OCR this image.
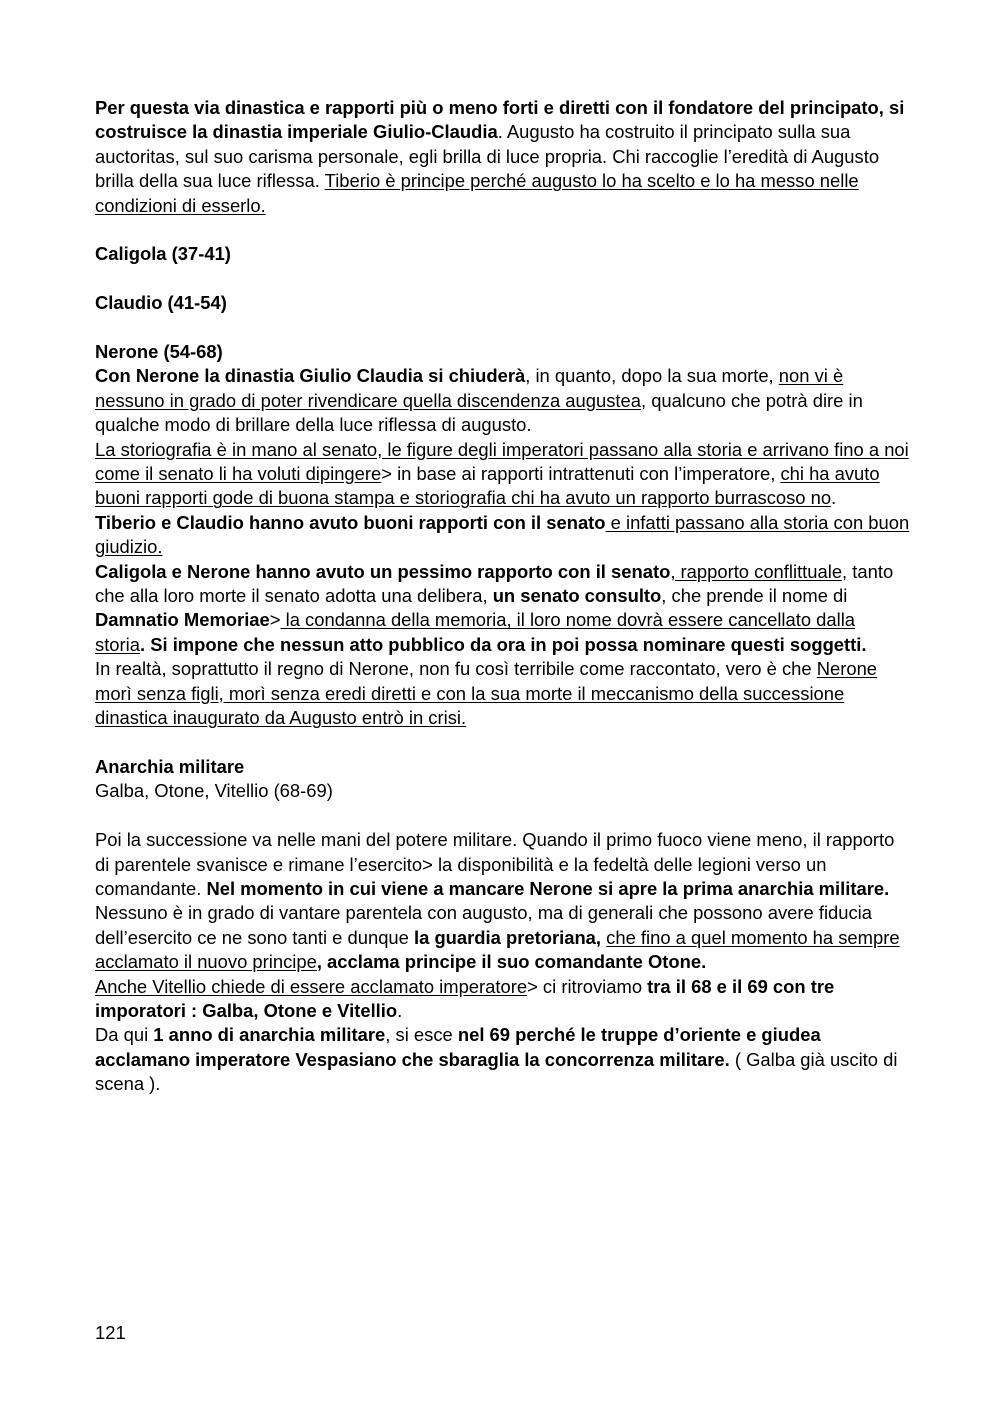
Per questa via dinastica e rapporti più o meno forti e diretti con il fondatore del principato, si costruisce la dinastia imperiale Giulio-Claudia. Augusto ha costruito il principato sulla sua auctoritas, sul suo carisma personale, egli brilla di luce propria. Chi raccoglie l’eredità di Augusto brilla della sua luce riflessa. Tiberio è principe perché augusto lo ha scelto e lo ha messo nelle condizioni di esserlo.

Caligola (37-41)

Claudio (41-54)

Nerone (54-68)

Con Nerone la dinastia Giulio Claudia si chiuderà, in quanto, dopo la sua morte, non vi è nessuno in grado di poter rivendicare quella discendenza augustea, qualcuno che potrà dire in qualche modo di brillare della luce riflessa di augusto.

La storiografia è in mano al senato, le figure degli imperatori passano alla storia e arrivano fino a noi come il senato li ha voluti dipingere> in base ai rapporti intrattenuti con l’imperatore, chi ha avuto buoni rapporti gode di buona stampa e storiografia chi ha avuto un rapporto burrascoso no.

Tiberio e Claudio hanno avuto buoni rapporti con il senato e infatti passano alla storia con buon giudizio.

Caligola e Nerone hanno avuto un pessimo rapporto con il senato, rapporto conflittuale, tanto che alla loro morte il senato adotta una delibera, un senato consulto, che prende il nome di Damnatio Memoriae> la condanna della memoria, il loro nome dovrà essere cancellato dalla storia. Si impone che nessun atto pubblico da ora in poi possa nominare questi soggetti.

In realtà, soprattutto il regno di Nerone, non fu così terribile come raccontato, vero è che Nerone morì senza figli, morì senza eredi diretti e con la sua morte il meccanismo della successione dinastica inaugurato da Augusto entrò in crisi.

Anarchia militare

Galba, Otone, Vitellio (68-69)

Poi la successione va nelle mani del potere militare. Quando il primo fuoco viene meno, il rapporto di parentele svanisce e rimane l’esercito> la disponibilità e la fedeltà delle legioni verso un comandante. Nel momento in cui viene a mancare Nerone si apre la prima anarchia militare. Nessuno è in grado di vantare parentela con augusto, ma di generali che possono avere fiducia dell’esercito ce ne sono tanti e dunque la guardia pretoriana, che fino a quel momento ha sempre acclamato il nuovo principe, acclama principe il suo comandante Otone.

Anche Vitellio chiede di essere acclamato imperatore> ci ritroviamo tra il 68 e il 69 con tre imporatori : Galba, Otone e Vitellio.

Da qui 1 anno di anarchia militare, si esce nel 69 perché le truppe d’oriente e giudea acclamano imperatore Vespasiano che sbaraglia la concorrenza militare. ( Galba già uscito di scena ).

121
